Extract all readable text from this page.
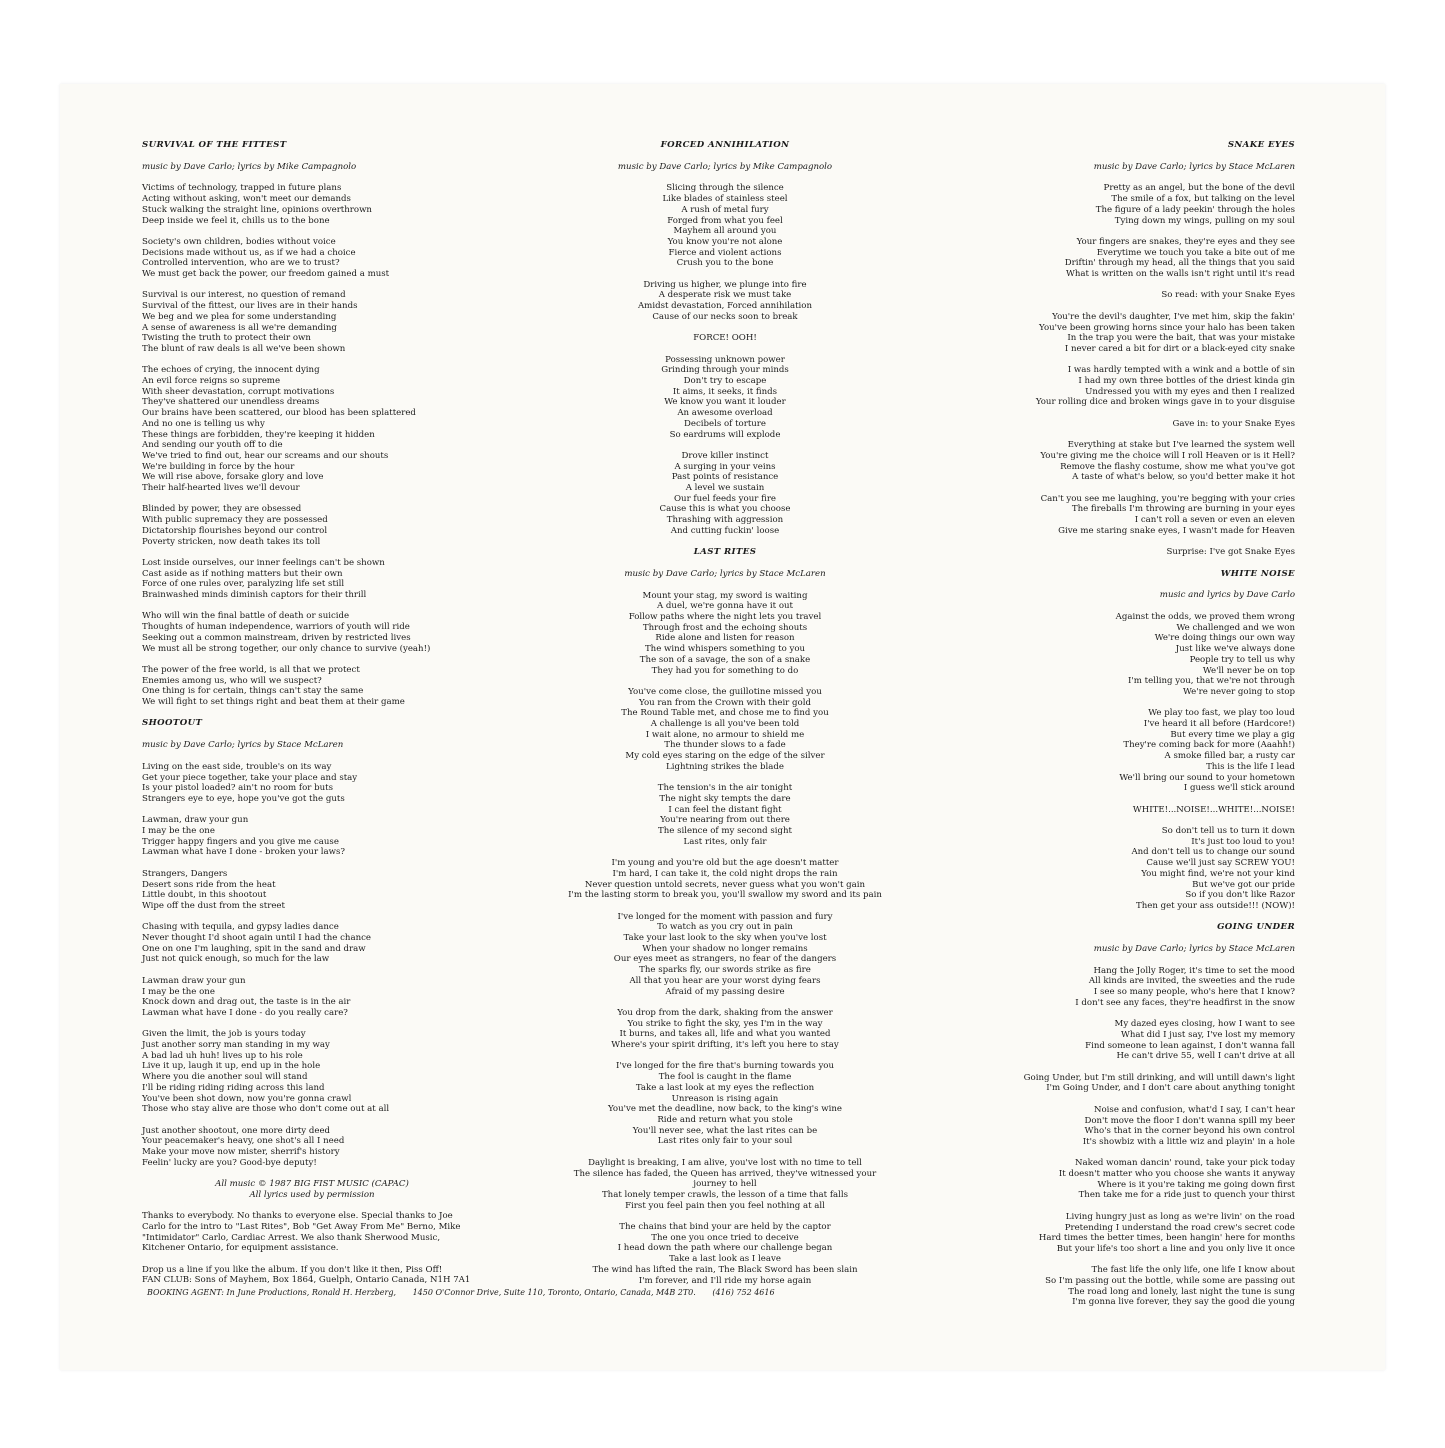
SURVIVAL OF THE FITTEST
music by Dave Carlo; lyrics by Mike Campagnolo
Victims of technology, trapped in future plans
Acting without asking, won't meet our demands
Stuck walking the straight line, opinions overthrown
Deep inside we feel it, chills us to the bone
Society's own children, bodies without voice
Decisions made without us, as if we had a choice
Controlled intervention, who are we to trust?
We must get back the power, our freedom gained a must
Survival is our interest, no question of remand
Survival of the fittest, our lives are in their hands
We beg and we plea for some understanding
A sense of awareness is all we're demanding
Twisting the truth to protect their own
The blunt of raw deals is all we've been shown
The echoes of crying, the innocent dying
An evil force reigns so supreme
With sheer devastation, corrupt motivations
They've shattered our unendless dreams
Our brains have been scattered, our blood has been splattered
And no one is telling us why
These things are forbidden, they're keeping it hidden
And sending our youth off to die
We've tried to find out, hear our screams and our shouts
We're building in force by the hour
We will rise above, forsake glory and love
Their half-hearted lives we'll devour
Blinded by power, they are obsessed
With public supremacy they are possessed
Dictatorship flourishes beyond our control
Poverty stricken, now death takes its toll
Lost inside ourselves, our inner feelings can't be shown
Cast aside as if nothing matters but their own
Force of one rules over, paralyzing life set still
Brainwashed minds diminish captors for their thrill
Who will win the final battle of death or suicide
Thoughts of human independence, warriors of youth will ride
Seeking out a common mainstream, driven by restricted lives
We must all be strong together, our only chance to survive (yeah!)
The power of the free world, is all that we protect
Enemies among us, who will we suspect?
One thing is for certain, things can't stay the same
We will fight to set things right and beat them at their game
SHOOTOUT
music by Dave Carlo; lyrics by Stace McLaren
Living on the east side, trouble's on its way
Get your piece together, take your place and stay
Is your pistol loaded? ain't no room for buts
Strangers eye to eye, hope you've got the guts
Lawman, draw your gun
I may be the one
Trigger happy fingers and you give me cause
Lawman what have I done - broken your laws?
Strangers, Dangers
Desert sons ride from the heat
Little doubt, in this shootout
Wipe off the dust from the street
Chasing with tequila, and gypsy ladies dance
Never thought I'd shoot again until I had the chance
One on one I'm laughing, spit in the sand and draw
Just not quick enough, so much for the law
Lawman draw your gun
I may be the one
Knock down and drag out, the taste is in the air
Lawman what have I done - do you really care?
Given the limit, the job is yours today
Just another sorry man standing in my way
A bad lad uh huh! lives up to his role
Live it up, laugh it up, end up in the hole
Where you die another soul will stand
I'll be riding riding riding across this land
You've been shot down, now you're gonna crawl
Those who stay alive are those who don't come out at all
Just another shootout, one more dirty deed
Your peacemaker's heavy, one shot's all I need
Make your move now mister, sherrif's history
Feelin' lucky are you? Good-bye deputy!
All music © 1987 BIG FIST MUSIC (CAPAC)
All lyrics used by permission
Thanks to everybody. No thanks to everyone else. Special thanks to Joe
Carlo for the intro to "Last Rites", Bob "Get Away From Me" Berno, Mike
"Intimidator" Carlo, Cardiac Arrest. We also thank Sherwood Music,
Kitchener Ontario, for equipment assistance.
Drop us a line if you like the album. If you don't like it then, Piss Off!
FAN CLUB: Sons of Mayhem, Box 1864, Guelph, Ontario Canada, N1H 7A1
FORCED ANNIHILATION
music by Dave Carlo; lyrics by Mike Campagnolo
Slicing through the silence
Like blades of stainless steel
A rush of metal fury
Forged from what you feel
Mayhem all around you
You know you're not alone
Fierce and violent actions
Crush you to the bone
Driving us higher, we plunge into fire
A desperate risk we must take
Amidst devastation, Forced annihilation
Cause of our necks soon to break
FORCE! OOH!
Possessing unknown power
Grinding through your minds
Don't try to escape
It aims, it seeks, it finds
We know you want it louder
An awesome overload
Decibels of torture
So eardrums will explode
Drove killer instinct
A surging in your veins
Past points of resistance
A level we sustain
Our fuel feeds your fire
Cause this is what you choose
Thrashing with aggression
And cutting fuckin' loose
LAST RITES
music by Dave Carlo; lyrics by Stace McLaren
Mount your stag, my sword is waiting
A duel, we're gonna have it out
Follow paths where the night lets you travel
Through frost and the echoing shouts
Ride alone and listen for reason
The wind whispers something to you
The son of a savage, the son of a snake
They had you for something to do
You've come close, the guillotine missed you
You ran from the Crown with their gold
The Round Table met, and chose me to find you
A challenge is all you've been told
I wait alone, no armour to shield me
The thunder slows to a fade
My cold eyes staring on the edge of the silver
Lightning strikes the blade
The tension's in the air tonight
The night sky tempts the dare
I can feel the distant fight
You're nearing from out there
The silence of my second sight
Last rites, only fair
I'm young and you're old but the age doesn't matter
I'm hard, I can take it, the cold night drops the rain
Never question untold secrets, never guess what you won't gain
I'm the lasting storm to break you, you'll swallow my sword and its pain
I've longed for the moment with passion and fury
To watch as you cry out in pain
Take your last look to the sky when you've lost
When your shadow no longer remains
Our eyes meet as strangers, no fear of the dangers
The sparks fly, our swords strike as fire
All that you hear are your worst dying fears
Afraid of my passing desire
You drop from the dark, shaking from the answer
You strike to fight the sky, yes I'm in the way
It burns, and takes all, life and what you wanted
Where's your spirit drifting, it's left you here to stay
I've longed for the fire that's burning towards you
The fool is caught in the flame
Take a last look at my eyes the reflection
Unreason is rising again
You've met the deadline, now back, to the king's wine
Ride and return what you stole
You'll never see, what the last rites can be
Last rites only fair to your soul
Daylight is breaking, I am alive, you've lost with no time to tell
The silence has faded, the Queen has arrived, they've witnessed your
journey to hell
That lonely temper crawls, the lesson of a time that falls
First you feel pain then you feel nothing at all
The chains that bind your are held by the captor
The one you once tried to deceive
I head down the path where our challenge began
Take a last look as I leave
The wind has lifted the rain, The Black Sword has been slain
I'm forever, and I'll ride my horse again
SNAKE EYES
music by Dave Carlo; lyrics by Stace McLaren
Pretty as an angel, but the bone of the devil
The smile of a fox, but talking on the level
The figure of a lady peekin' through the holes
Tying down my wings, pulling on my soul
Your fingers are snakes, they're eyes and they see
Everytime we touch you take a bite out of me
Driftin' through my head, all the things that you said
What is written on the walls isn't right until it's read
So read: with your Snake Eyes
You're the devil's daughter, I've met him, skip the fakin'
You've been growing horns since your halo has been taken
In the trap you were the bait, that was your mistake
I never cared a bit for dirt or a black-eyed city snake
I was hardly tempted with a wink and a bottle of sin
I had my own three bottles of the driest kinda gin
Undressed you with my eyes and then I realized
Your rolling dice and broken wings gave in to your disguise
Gave in: to your Snake Eyes
Everything at stake but I've learned the system well
You're giving me the choice will I roll Heaven or is it Hell?
Remove the flashy costume, show me what you've got
A taste of what's below, so you'd better make it hot
Can't you see me laughing, you're begging with your cries
The fireballs I'm throwing are burning in your eyes
I can't roll a seven or even an eleven
Give me staring snake eyes, I wasn't made for Heaven
Surprise: I've got Snake Eyes
WHITE NOISE
music and lyrics by Dave Carlo
Against the odds, we proved them wrong
We challenged and we won
We're doing things our own way
Just like we've always done
People try to tell us why
We'll never be on top
I'm telling you, that we're not through
We're never going to stop
We play too fast, we play too loud
I've heard it all before (Hardcore!)
But every time we play a gig
They're coming back for more (Aaahh!)
A smoke filled bar, a rusty car
This is the life I lead
We'll bring our sound to your hometown
I guess we'll stick around
WHITE!...NOISE!...WHITE!...NOISE!
So don't tell us to turn it down
It's just too loud to you!
And don't tell us to change our sound
Cause we'll just say SCREW YOU!
You might find, we're not your kind
But we've got our pride
So if you don't like Razor
Then get your ass outside!!! (NOW)!
GOING UNDER
music by Dave Carlo; lyrics by Stace McLaren
Hang the Jolly Roger, it's time to set the mood
All kinds are invited, the sweeties and the rude
I see so many people, who's here that I know?
I don't see any faces, they're headfirst in the snow
My dazed eyes closing, how I want to see
What did I just say, I've lost my memory
Find someone to lean against, I don't wanna fall
He can't drive 55, well I can't drive at all
Going Under, but I'm still drinking, and will untill dawn's light
I'm Going Under, and I don't care about anything tonight
Noise and confusion, what'd I say, I can't hear
Don't move the floor I don't wanna spill my beer
Who's that in the corner beyond his own control
It's showbiz with a little wiz and playin' in a hole
Naked woman dancin' round, take your pick today
It doesn't matter who you choose she wants it anyway
Where is it you're taking me going down first
Then take me for a ride just to quench your thirst
Living hungry just as long as we're livin' on the road
Pretending I understand the road crew's secret code
Hard times the better times, been hangin' here for months
But your life's too short a line and you only live it once
The fast life the only life, one life I know about
So I'm passing out the bottle, while some are passing out
The road long and lonely, last night the tune is sung
I'm gonna live forever, they say the good die young
BOOKING AGENT: In June Productions, Ronald H. Herzberg, 1450 O'Connor Drive, Suite 110, Toronto, Ontario, Canada, M4B 2T0. (416) 752 4616
